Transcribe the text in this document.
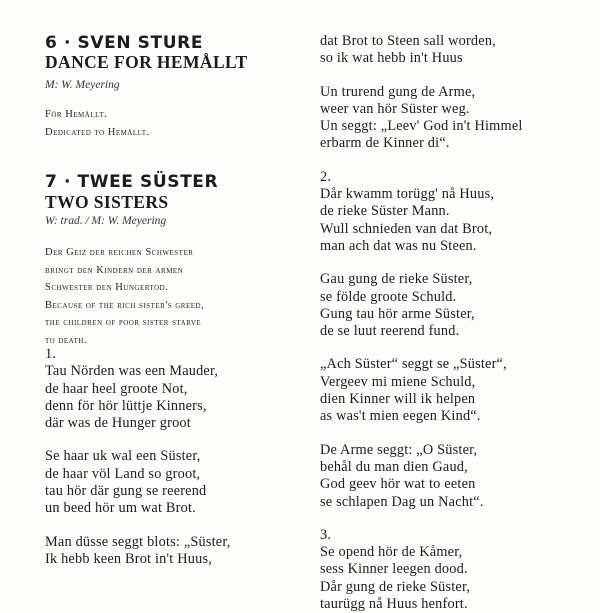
6 · SVEN STURE
DANCE FOR HEMÅLLT

M: W. Meyering

För Hemållt.
Dedicated to Hemållt.
7 · TWEE SÜSTER
TWO SISTERS

W: trad. / M: W. Meyering

Der Geiz der reichen Schwester
bringt den Kindern der armen
Schwester den Hungertod.
Because of the rich sister's greed,
the children of poor sister starve
to death.
1.
Tau Nörden was een Mauder,
de haar heel groote Not,
denn för hör lüttje Kinners,
där was de Hunger groot
Se haar uk wal een Süster,
de haar völ Land so groot,
tau hör där gung se reerend
un beed hör um wat Brot.
Man düsse seggt blots: „Süster,
Ik hebb keen Brot in't Huus,
dat Brot to Steen sall worden,
so ik wat hebb in't Huus
Un trurend gung de Arme,
weer van hör Süster weg.
Un seggt: „Leev' God in't Himmel
erbarm de Kinner di“.
2.
Dår kwamm torügg' nå Huus,
de rieke Süster Mann.
Wull schnieden van dat Brot,
man ach dat was nu Steen.
Gau gung de rieke Süster,
se földe groote Schuld.
Gung tau hör arme Süster,
de se luut reerend fund.
„Ach Süster“ seggt se „Süster“,
Vergeev mi miene Schuld,
dien Kinner will ik helpen
as was't mien eegen Kind“.
De Arme seggt: „O Süster,
behål du man dien Gaud,
God geev hör wat to eeten
se schlapen Dag un Nacht“.
3.
Se opend hör de Kåmer,
sess Kinner leegen dood.
Dår gung de rieke Süster,
taurügg nå Huus henfort.
